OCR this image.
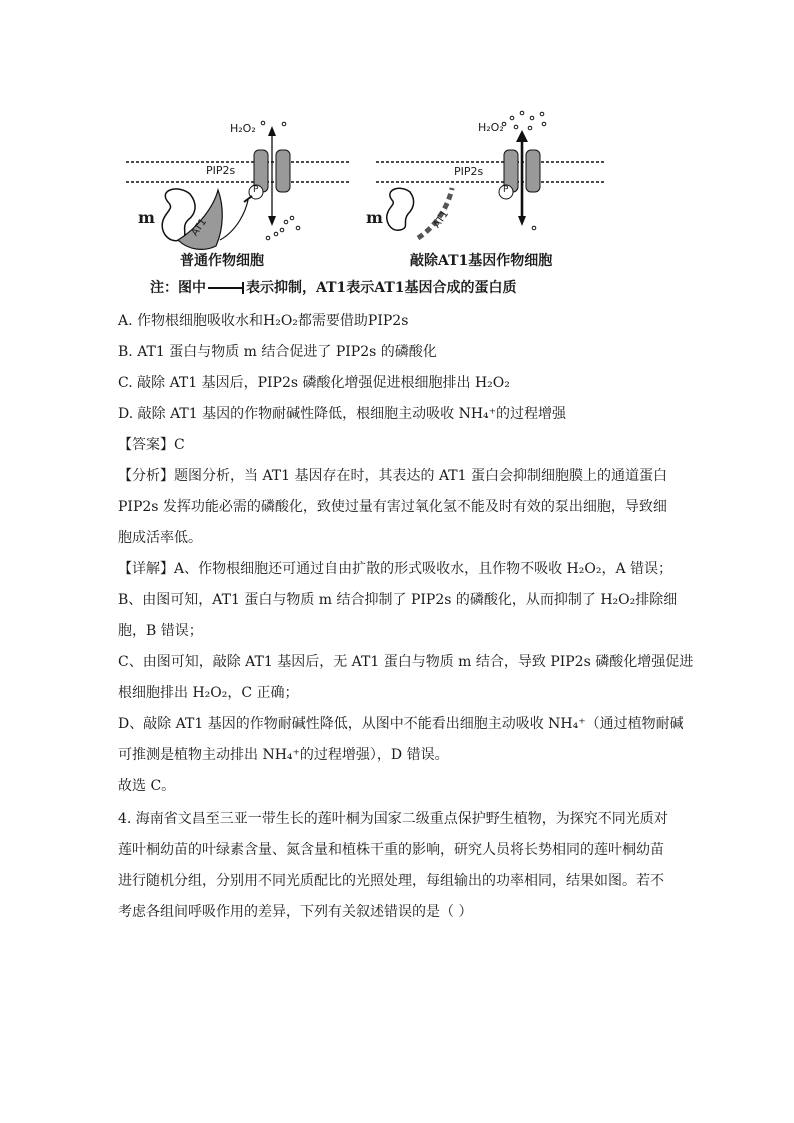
H₂O₂	H₂O₂
PIP2s	PIP2s
P	P
m	m
AT1	AT1
普通作物细胞	敲除AT1基因作物细胞
注：图中	表示抑制，AT1表示AT1基因合成的蛋白质
A. 作物根细胞吸收水和H₂O₂都需要借助PIP2s
B. AT1 蛋白与物质 m 结合促进了 PIP2s 的磷酸化
C. 敲除 AT1 基因后，PIP2s 磷酸化增强促进根细胞排出 H₂O₂
D. 敲除 AT1 基因的作物耐碱性降低，根细胞主动吸收 NH₄⁺的过程增强
【答案】C
【分析】题图分析，当 AT1 基因存在时，其表达的 AT1 蛋白会抑制细胞膜上的通道蛋白
PIP2s 发挥功能必需的磷酸化，致使过量有害过氧化氢不能及时有效的泵出细胞，导致细
胞成活率低。
【详解】A、作物根细胞还可通过自由扩散的形式吸收水，且作物不吸收 H₂O₂，A 错误；
B、由图可知，AT1 蛋白与物质 m 结合抑制了 PIP2s 的磷酸化，从而抑制了 H₂O₂排除细
胞，B 错误；
C、由图可知，敲除 AT1 基因后，无 AT1 蛋白与物质 m 结合，导致 PIP2s 磷酸化增强促进
根细胞排出 H₂O₂，C 正确；
D、敲除 AT1 基因的作物耐碱性降低，从图中不能看出细胞主动吸收 NH₄⁺（通过植物耐碱
可推测是植物主动排出 NH₄⁺的过程增强），D 错误。
故选 C。
4. 海南省文昌至三亚一带生长的莲叶桐为国家二级重点保护野生植物，为探究不同光质对
莲叶桐幼苗的叶绿素含量、氮含量和植株干重的影响，研究人员将长势相同的莲叶桐幼苗
进行随机分组，分别用不同光质配比的光照处理，每组输出的功率相同，结果如图。若不
考虑各组间呼吸作用的差异，下列有关叙述错误的是（ ）
